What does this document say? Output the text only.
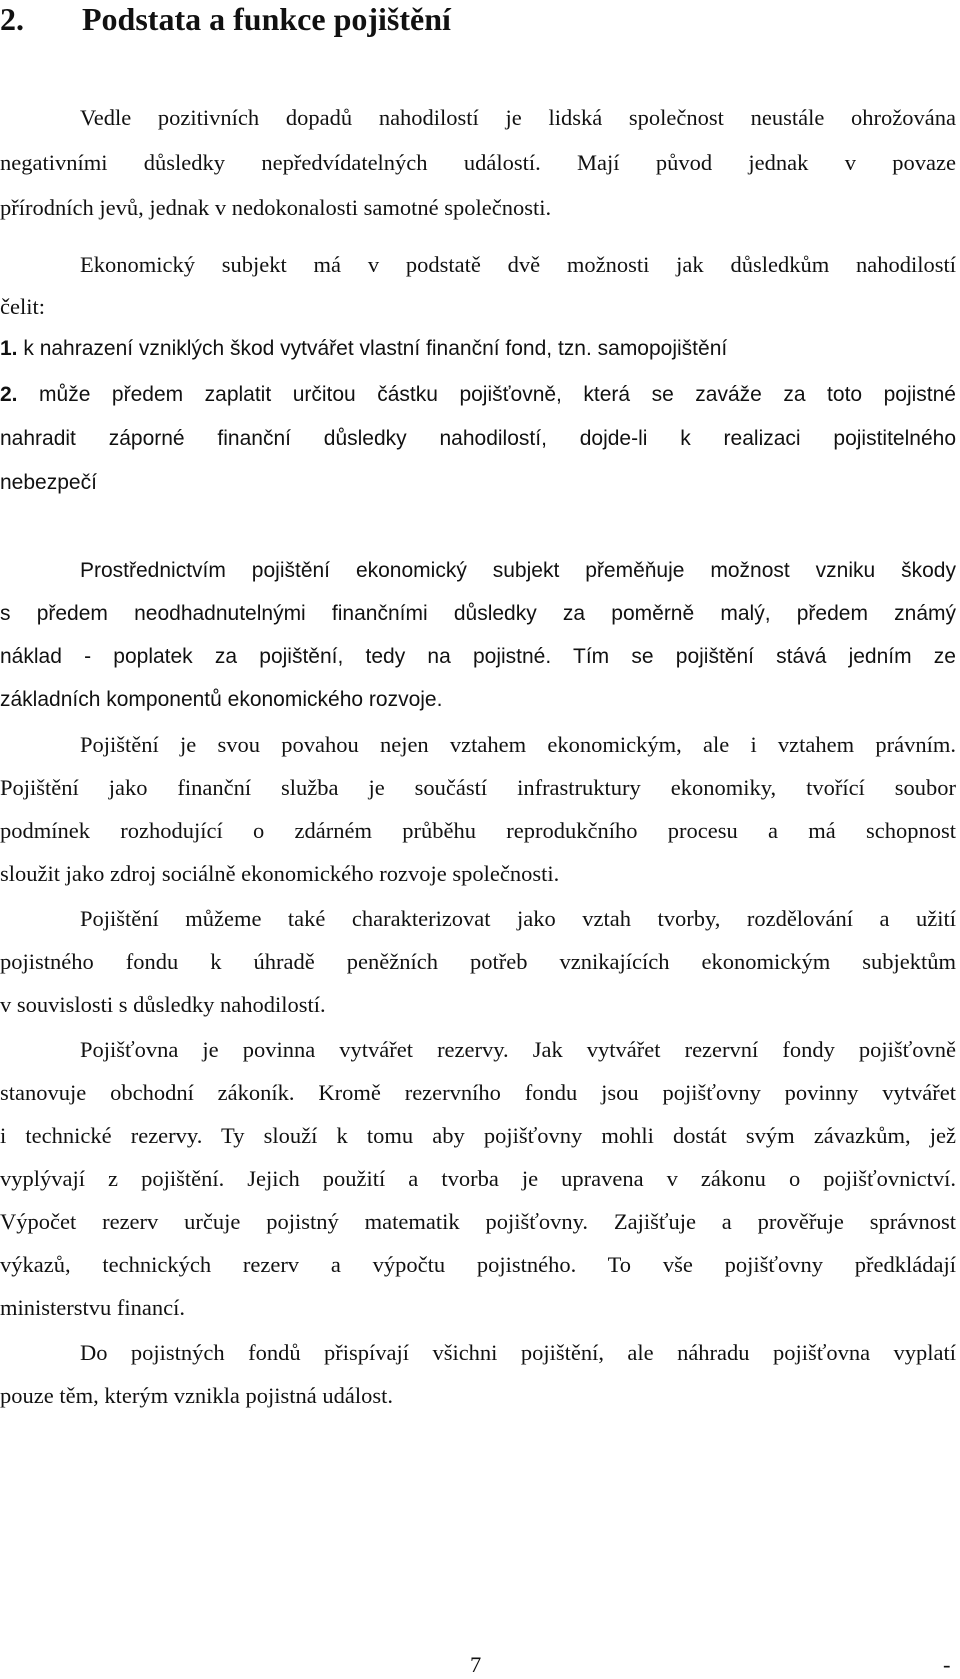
2. Podstata a funkce pojištění

Vedle pozitivních dopadů nahodilostí je lidská společnost neustále ohrožována

negativními důsledky nepředvídatelných událostí. Mají původ jednak v povaze

přírodních jevů, jednak v nedokonalosti samotné společnosti.

Ekonomický subjekt má v podstatě dvě možnosti jak důsledkům nahodilostí

čelit:

1. k nahrazení vzniklých škod vytvářet vlastní finanční fond, tzn. samopojištění

2. může předem zaplatit určitou částku pojišťovně, která se zaváže za toto pojistné

nahradit záporné finanční důsledky nahodilostí, dojde-li k realizaci pojistitelného

nebezpečí

Prostřednictvím pojištění ekonomický subjekt přeměňuje možnost vzniku škody

s předem neodhadnutelnými finančními důsledky za poměrně malý, předem známý

náklad - poplatek za pojištění, tedy na pojistné. Tím se pojištění stává jedním ze

základních komponentů ekonomického rozvoje.

Pojištění je svou povahou nejen vztahem ekonomickým, ale i vztahem právním.

Pojištění jako finanční služba je součástí infrastruktury ekonomiky, tvořící soubor

podmínek rozhodující o zdárném průběhu reprodukčního procesu a má schopnost

sloužit jako zdroj sociálně ekonomického rozvoje společnosti.

Pojištění můžeme také charakterizovat jako vztah tvorby, rozdělování a užití

pojistného fondu k úhradě peněžních potřeb vznikajících ekonomickým subjektům

v souvislosti s důsledky nahodilostí.

Pojišťovna je povinna vytvářet rezervy. Jak vytvářet rezervní fondy pojišťovně

stanovuje obchodní zákoník. Kromě rezervního fondu jsou pojišťovny povinny vytvářet

i technické rezervy. Ty slouží k tomu aby pojišťovny mohli dostát svým závazkům, jež

vyplývají z pojištění. Jejich použití a tvorba je upravena v zákonu o pojišťovnictví.

Výpočet rezerv určuje pojistný matematik pojišťovny. Zajišťuje a prověřuje správnost

výkazů, technických rezerv a výpočtu pojistného. To vše pojišťovny předkládají

ministerstvu financí.

Do pojistných fondů přispívají všichni pojištění, ale náhradu pojišťovna vyplatí

pouze těm, kterým vznikla pojistná událost.

7	-
